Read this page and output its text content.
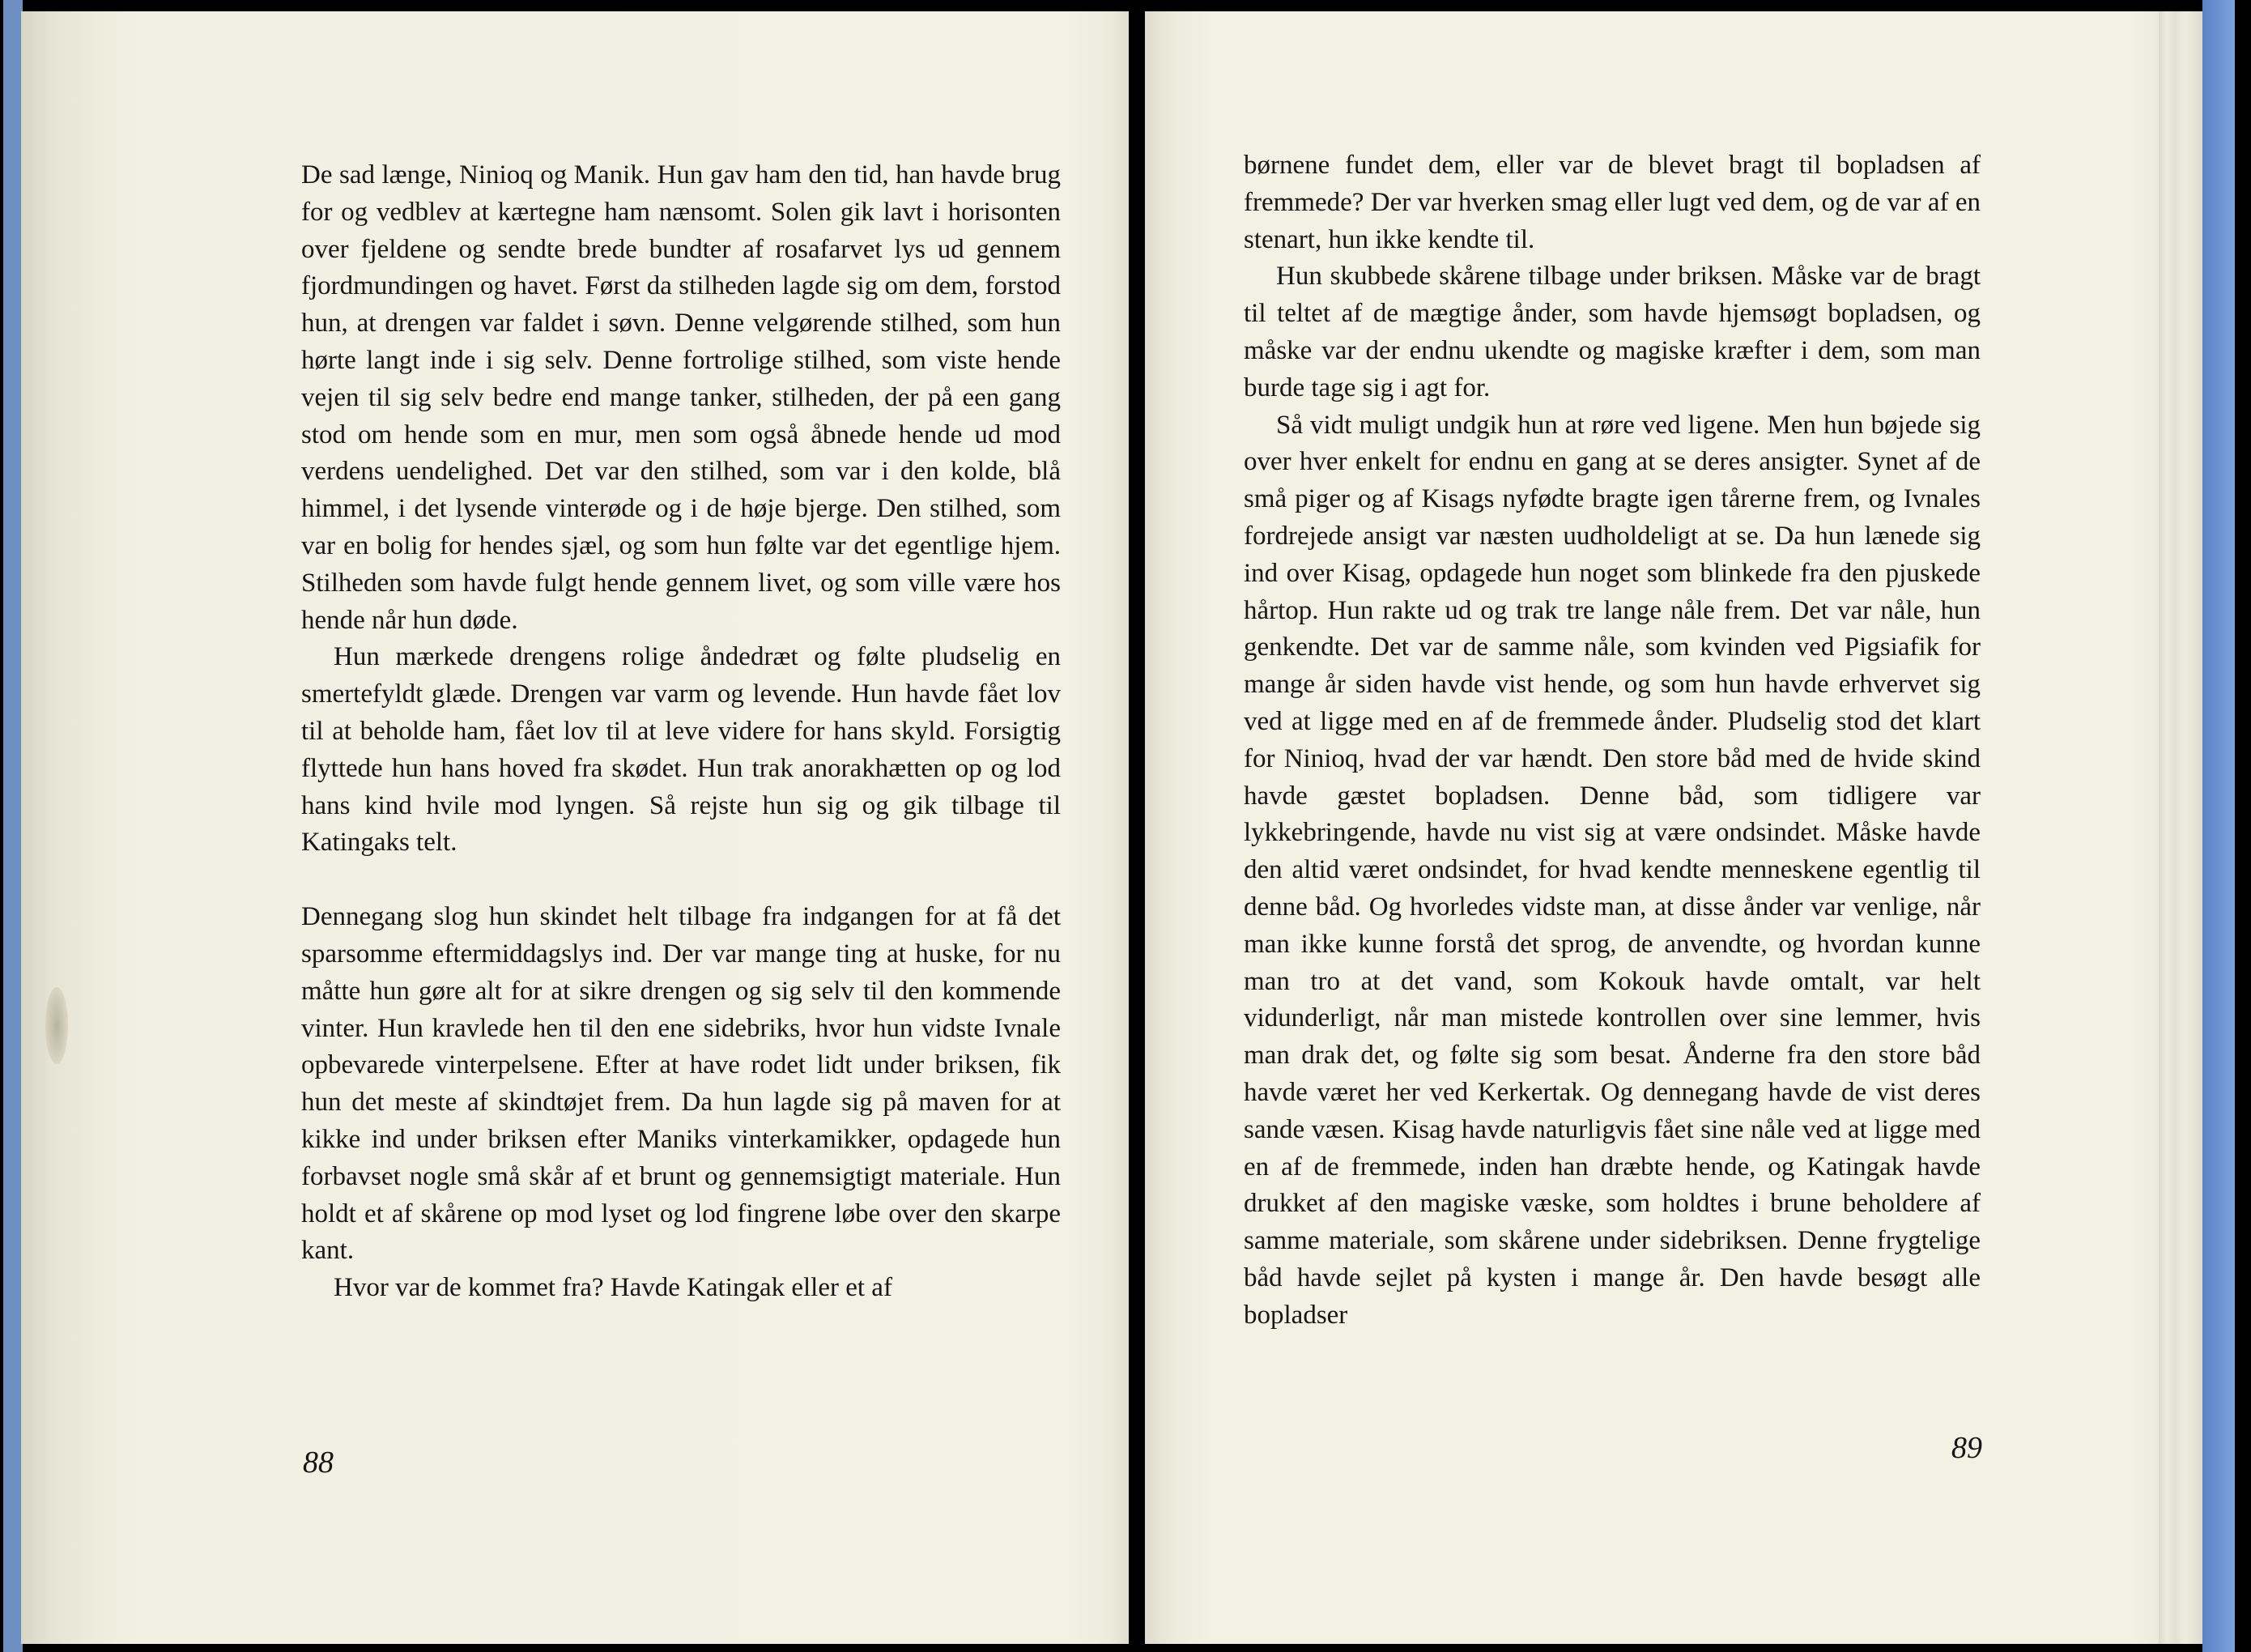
De sad længe, Ninioq og Manik. Hun gav ham den tid, han havde brug for og vedblev at kærtegne ham nænsomt. Solen gik lavt i horisonten over fjeldene og sendte brede bundter af rosafarvet lys ud gennem fjordmundingen og havet. Først da stilheden lagde sig om dem, forstod hun, at drengen var faldet i søvn. Denne velgørende stilhed, som hun hørte langt inde i sig selv. Denne fortrolige stilhed, som viste hende vejen til sig selv bedre end mange tanker, stilheden, der på een gang stod om hende som en mur, men som også åbnede hende ud mod verdens uendelighed. Det var den stilhed, som var i den kolde, blå himmel, i det lysende vinterøde og i de høje bjerge. Den stilhed, som var en bolig for hendes sjæl, og som hun følte var det egentlige hjem. Stilheden som havde fulgt hende gennem livet, og som ville være hos hende når hun døde.

Hun mærkede drengens rolige åndedræt og følte pludselig en smertefyldt glæde. Drengen var varm og levende. Hun havde fået lov til at beholde ham, fået lov til at leve videre for hans skyld. Forsigtig flyttede hun hans hoved fra skødet. Hun trak anorakhætten op og lod hans kind hvile mod lyngen. Så rejste hun sig og gik tilbage til Katingaks telt.

Dennegang slog hun skindet helt tilbage fra indgangen for at få det sparsomme eftermiddagslys ind. Der var mange ting at huske, for nu måtte hun gøre alt for at sikre drengen og sig selv til den kommende vinter. Hun kravlede hen til den ene sidebriks, hvor hun vidste Ivnale opbevarede vinterpelsene. Efter at have rodet lidt under briksen, fik hun det meste af skindtøjet frem. Da hun lagde sig på maven for at kikke ind under briksen efter Maniks vinterkamikker, opdagede hun forbavset nogle små skår af et brunt og gennemsigtigt materiale. Hun holdt et af skårene op mod lyset og lod fingrene løbe over den skarpe kant.

Hvor var de kommet fra? Havde Katingak eller et af

88

børnene fundet dem, eller var de blevet bragt til bopladsen af fremmede? Der var hverken smag eller lugt ved dem, og de var af en stenart, hun ikke kendte til.

Hun skubbede skårene tilbage under briksen. Måske var de bragt til teltet af de mægtige ånder, som havde hjemsøgt bopladsen, og måske var der endnu ukendte og magiske kræfter i dem, som man burde tage sig i agt for.

Så vidt muligt undgik hun at røre ved ligene. Men hun bøjede sig over hver enkelt for endnu en gang at se deres ansigter. Synet af de små piger og af Kisags nyfødte bragte igen tårerne frem, og Ivnales fordrejede ansigt var næsten uudholdeligt at se. Da hun lænede sig ind over Kisag, opdagede hun noget som blinkede fra den pjuskede hårtop. Hun rakte ud og trak tre lange nåle frem. Det var nåle, hun genkendte. Det var de samme nåle, som kvinden ved Pigsiafik for mange år siden havde vist hende, og som hun havde erhvervet sig ved at ligge med en af de fremmede ånder. Pludselig stod det klart for Ninioq, hvad der var hændt. Den store båd med de hvide skind havde gæstet bopladsen. Denne båd, som tidligere var lykkebringende, havde nu vist sig at være ondsindet. Måske havde den altid været ondsindet, for hvad kendte menneskene egentlig til denne båd. Og hvorledes vidste man, at disse ånder var venlige, når man ikke kunne forstå det sprog, de anvendte, og hvordan kunne man tro at det vand, som Kokouk havde omtalt, var helt vidunderligt, når man mistede kontrollen over sine lemmer, hvis man drak det, og følte sig som besat. Ånderne fra den store båd havde været her ved Kerkertak. Og dennegang havde de vist deres sande væsen. Kisag havde naturligvis fået sine nåle ved at ligge med en af de fremmede, inden han dræbte hende, og Katingak havde drukket af den magiske væske, som holdtes i brune beholdere af samme materiale, som skårene under sidebriksen. Denne frygtelige båd havde sejlet på kysten i mange år. Den havde besøgt alle bopladser

89
